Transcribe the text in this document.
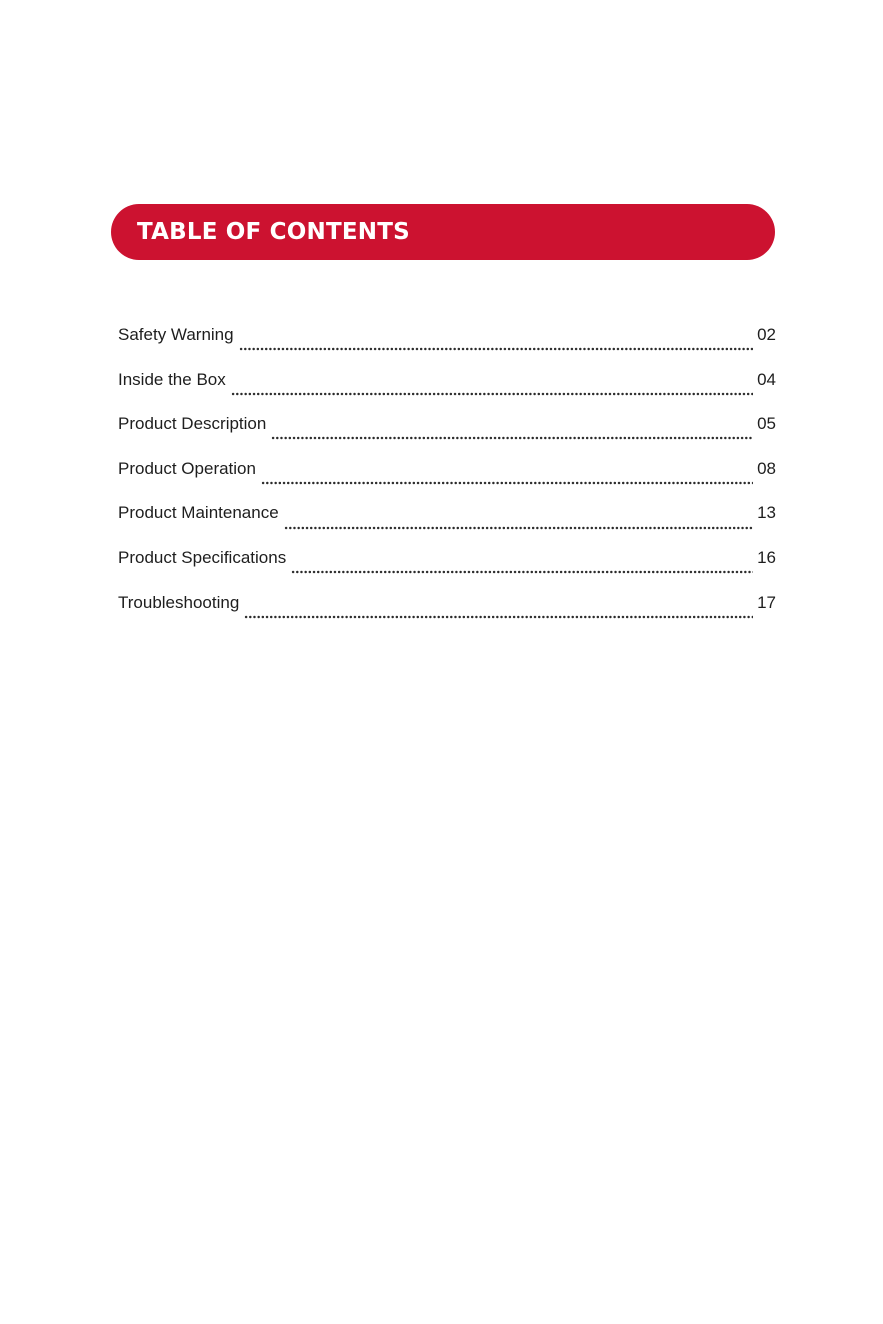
TABLE OF CONTENTS
Safety Warning	02
Inside the Box	04
Product Description	05
Product Operation	08
Product Maintenance	13
Product Specifications	16
Troubleshooting	17
